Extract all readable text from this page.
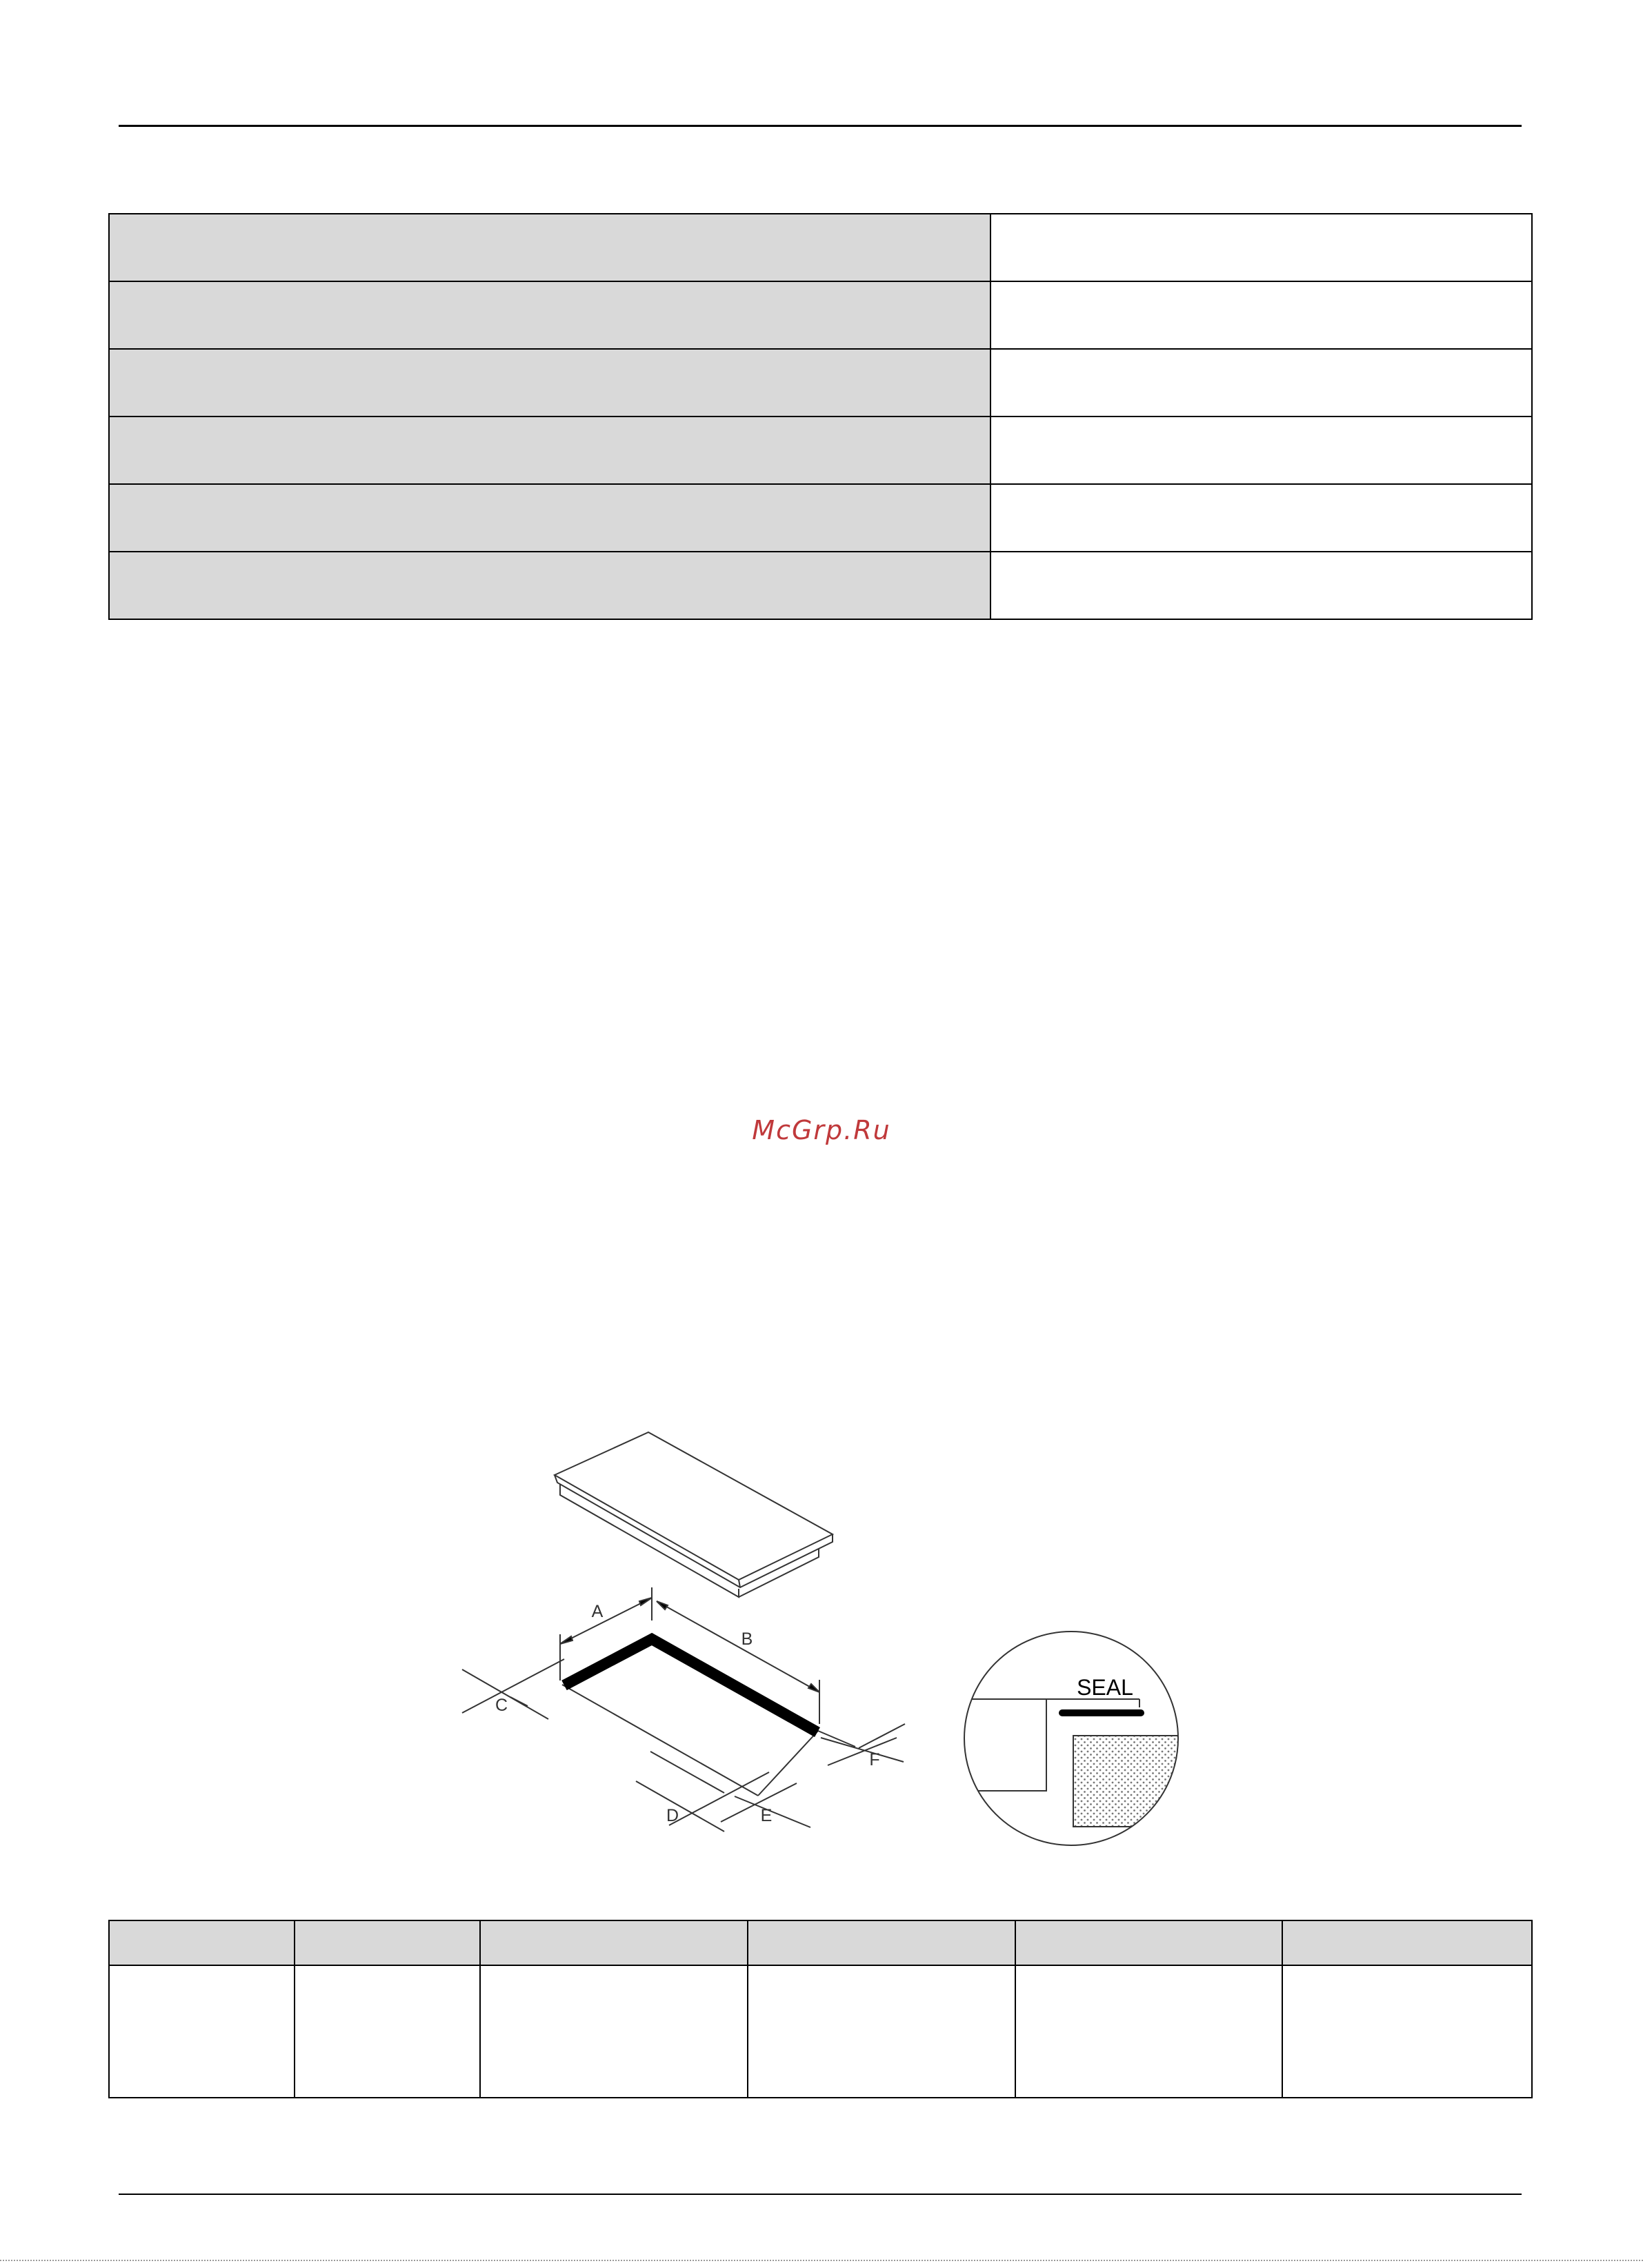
McGrp.Ru
A
B
C
D	E
F
SEAL
